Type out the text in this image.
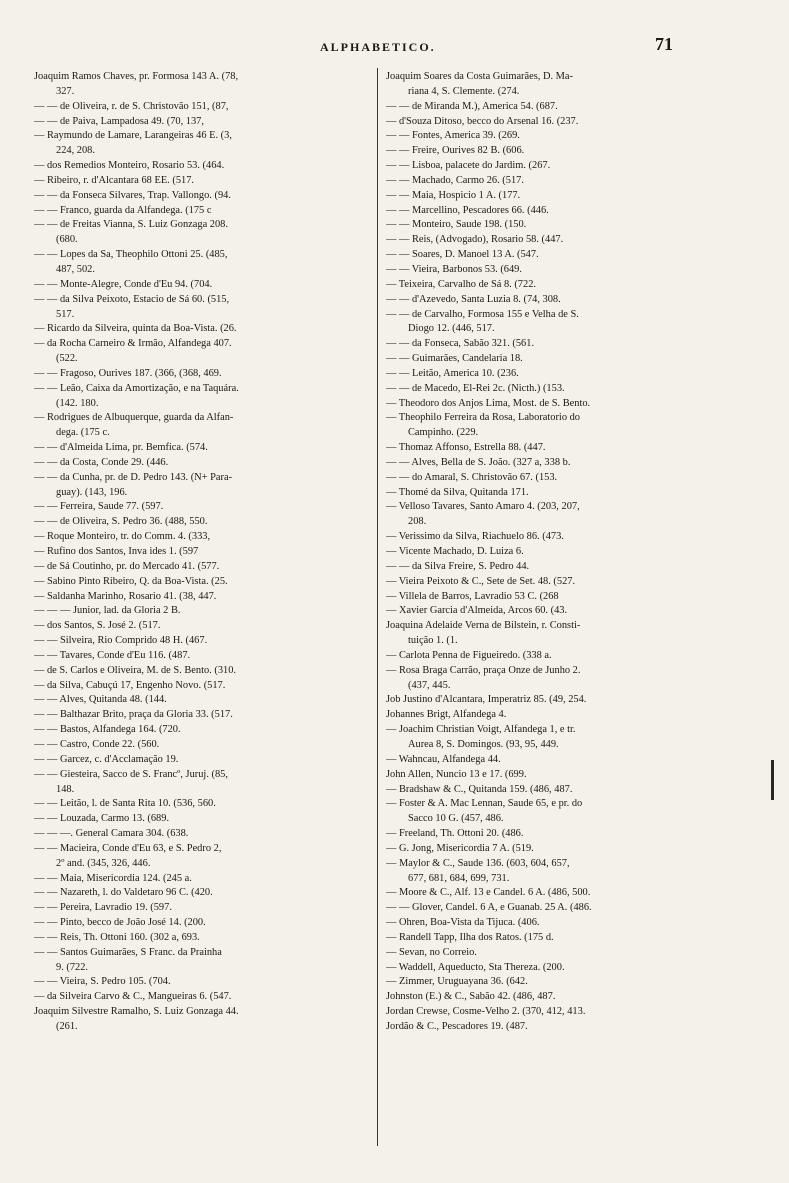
ALPHABETICO.	71
Joaquim Ramos Chaves, pr. Formosa 143 A. (78,
327.
— — de Oliveira, r. de S. Christovão 151, (87,
— — de Paiva, Lampadosa 49. (70, 137,
— Raymundo de Lamare, Larangeiras 46 E. (3,
224, 208.
— dos Remedios Monteiro, Rosario 53. (464.
— Ribeiro, r. d'Alcantara 68 EE. (517.
— — da Fonseca Silvares, Trap. Vallongo. (94.
— — Franco, guarda da Alfandega. (175 c
— — de Freitas Vianna, S. Luiz Gonzaga 208.
(680.
— — Lopes da Sa, Theophilo Ottoni 25. (485,
487, 502.
— — Monte-Alegre, Conde d'Eu 94. (704.
— — da Silva Peixoto, Estacio de Sá 60. (515,
517.
— Ricardo da Silveira, quinta da Boa-Vista. (26.
— da Rocha Carneiro & Irmão, Alfandega 407.
(522.
— — Fragoso, Ourives 187. (366, (368, 469.
— — Leão, Caixa da Amortização, e na Taquára.
(142. 180.
— Rodrigues de Albuquerque, guarda da Alfan-
dega. (175 c.
— — d'Almeida Lima, pr. Bemfica. (574.
— — da Costa, Conde 29. (446.
— — da Cunha, pr. de D. Pedro 143. (N+ Para-
guay). (143, 196.
— — Ferreira, Saude 77. (597.
— — de Oliveira, S. Pedro 36. (488, 550.
— Roque Monteiro, tr. do Comm. 4. (333,
— Rufino dos Santos, Inva ides 1. (597
— de Sá Coutinho, pr. do Mercado 41. (577.
— Sabino Pinto Ribeiro, Q. da Boa-Vista. (25.
— Saldanha Marinho, Rosario 41. (38, 447.
— — — Junior, lad. da Gloria 2 B.
— dos Santos, S. José 2. (517.
— — Silveira, Rio Comprido 48 H. (467.
— — Tavares, Conde d'Eu 116. (487.
— de S. Carlos e Oliveira, M. de S. Bento. (310.
— da Silva, Cabuçú 17, Engenho Novo. (517.
— — Alves, Quitanda 48. (144.
— — Balthazar Brito, praça da Gloria 33. (517.
— — Bastos, Alfandega 164. (720.
— — Castro, Conde 22. (560.
— — Garcez, c. d'Acclamação 19.
— — Giesteira, Sacco de S. Francº, Juruj. (85,
148.
— — Leitão, l. de Santa Rita 10. (536, 560.
— — Louzada, Carmo 13. (689.
— — —. General Camara 304. (638.
— — Macieira, Conde d'Eu 63, e S. Pedro 2,
2º and. (345, 326, 446.
— — Maia, Misericordia 124. (245 a.
— — Nazareth, l. do Valdetaro 96 C. (420.
— — Pereira, Lavradio 19. (597.
— — Pinto, becco de João José 14. (200.
— — Reis, Th. Ottoni 160. (302 a, 693.
— — Santos Guimarães, S Franc. da Prainha
9. (722.
— — Vieira, S. Pedro 105. (704.
— da Silveira Carvo & C., Mangueiras 6. (547.
Joaquim Silvestre Ramalho, S. Luiz Gonzaga 44.
(261.
Joaquim Soares da Costa Guimarães, D. Ma-
riana 4, S. Clemente. (274.
— — de Miranda M.), America 54. (687.
— d'Souza Ditoso, becco do Arsenal 16. (237.
— — Fontes, America 39. (269.
— — Freire, Ourives 82 B. (606.
— — Lisboa, palacete do Jardim. (267.
— — Machado, Carmo 26. (517.
— — Maia, Hospicio 1 A. (177.
— — Marcellino, Pescadores 66. (446.
— — Monteiro, Saude 198. (150.
— — Reis, (Advogado), Rosario 58. (447.
— — Soares, D. Manoel 13 A. (547.
— — Vieira, Barbonos 53. (649.
— Teixeira, Carvalho de Sá 8. (722.
— — d'Azevedo, Santa Luzia 8. (74, 308.
— — de Carvalho, Formosa 155 e Velha de S.
Diogo 12. (446, 517.
— — da Fonseca, Sabão 321. (561.
— — Guimarães, Candelaria 18.
— — Leitão, America 10. (236.
— — de Macedo, El-Rei 2c. (Nicth.) (153.
— Theodoro dos Anjos Lima, Most. de S. Bento.
— Theophilo Ferreira da Rosa, Laboratorio do
Campinho. (229.
— Thomaz Affonso, Estrella 88. (447.
— — Alves, Bella de S. João. (327 a, 338 b.
— — do Amaral, S. Christovão 67. (153.
— Thomé da Silva, Quitanda 171.
— Velloso Tavares, Santo Amaro 4. (203, 207,
208.
— Verissimo da Silva, Riachuelo 86. (473.
— Vicente Machado, D. Luiza 6.
— — da Silva Freire, S. Pedro 44.
— Vieira Peixoto & C., Sete de Set. 48. (527.
— Villela de Barros, Lavradio 53 C. (268
— Xavier Garcia d'Almeida, Arcos 60. (43.
Joaquina Adelaide Verna de Bilstein, r. Consti-
tuição 1. (1.
— Carlota Penna de Figueiredo. (338 a.
— Rosa Braga Carrão, praça Onze de Junho 2.
(437, 445.
Job Justino d'Alcantara, Imperatriz 85. (49, 254.
Johannes Brigt, Alfandega 4.
— Joachim Christian Voigt, Alfandega 1, e tr.
Aurea 8, S. Domingos. (93, 95, 449.
— Wahncau, Alfandega 44.
John Allen, Nuncio 13 e 17. (699.
— Bradshaw & C., Quitanda 159. (486, 487.
— Foster & A. Mac Lennan, Saude 65, e pr. do
Sacco 10 G. (457, 486.
— Freeland, Th. Ottoni 20. (486.
— G. Jong, Misericordia 7 A. (519.
— Maylor & C., Saude 136. (603, 604, 657,
677, 681, 684, 699, 731.
— Moore & C., Alf. 13 e Candel. 6 A. (486, 500.
— — Glover, Candel. 6 A, e Guanab. 25 A. (486.
— Ohren, Boa-Vista da Tijuca. (406.
— Randell Tapp, Ilha dos Ratos. (175 d.
— Sevan, no Correio.
— Waddell, Aqueducto, Sta Thereza. (200.
— Zimmer, Uruguayana 36. (642.
Johnston (E.) & C., Sabão 42. (486, 487.
Jordan Crewse, Cosme-Velho 2. (370, 412, 413.
Jordão & C., Pescadores 19. (487.
